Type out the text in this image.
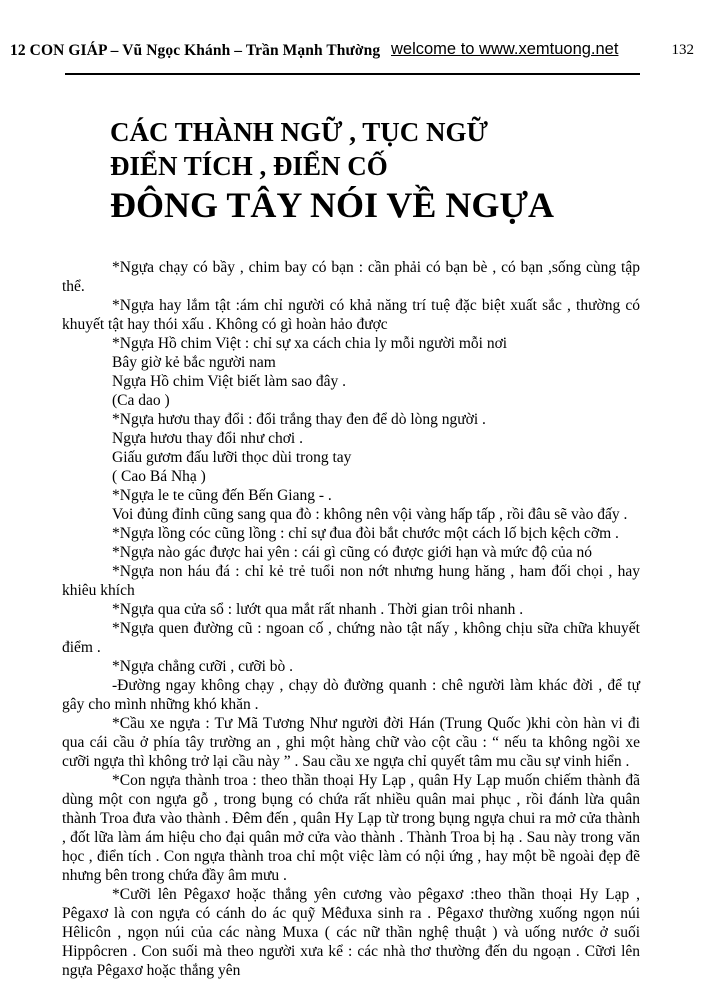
12 CON GIÁP – Vũ Ngọc Khánh – Trần Mạnh Thường welcome to www.xemtuong.net	132
CÁC THÀNH NGỮ , TỤC NGỮ
ĐIỂN TÍCH , ĐIỂN CỐ
ĐÔNG TÂY NÓI VỀ NGỰA

*Ngựa chạy có bầy , chim bay có bạn : cần phải có bạn bè , có bạn ,sống cùng tập thể.

*Ngựa hay lắm tật :ám chỉ người có khả năng trí tuệ đặc biệt xuất sắc , thường có khuyết tật hay thói xấu . Không có gì hoàn hảo được

*Ngựa Hồ chim Việt : chỉ sự xa cách chia ly mỗi người mỗi nơi

Bây giờ kẻ bắc người nam

Ngựa Hồ chim Việt biết làm sao đây .

(Ca dao )

*Ngựa hươu thay đổi : đổi trắng thay đen để dò lòng người .

Ngựa hươu thay đổi như chơi .

Giấu gươm đấu lưỡi thọc dùi trong tay

( Cao Bá Nhạ )

*Ngựa le te cũng đến Bến Giang - .

Voi đủng đỉnh cũng sang qua đò : không nên vội vàng hấp tấp , rồi đâu sẽ vào đấy .

*Ngựa lồng cóc cũng lồng : chỉ sự đua đòi bắt chước một cách lố bịch kệch cỡm .

*Ngựa nào gác được hai yên : cái gì cũng có được giới hạn và mức độ của nó

*Ngựa non háu đá : chỉ kẻ trẻ tuổi non nớt nhưng hung hăng , ham đối chọi , hay khiêu khích

*Ngựa qua cửa sổ : lướt qua mắt rất nhanh . Thời gian trôi nhanh .

*Ngựa quen đường cũ : ngoan cố , chứng nào tật nấy , không chịu sữa chữa khuyết điểm .

*Ngựa chẳng cưỡi , cưỡi bò .

-Đường ngay không chạy , chạy dò đường quanh : chê người làm khác đời , để tự gây cho mình những khó khăn .

*Cầu xe ngựa : Tư Mã Tương Như người đời Hán (Trung Quốc )khi còn hàn vi đi qua cái cầu ở phía tây trường an , ghi một hàng chữ vào cột cầu : “ nếu ta không ngồi xe cưỡi ngựa thì không trở lại cầu này ” . Sau cầu xe ngựa chỉ quyết tâm mu cầu sự vinh hiển .

*Con ngựa thành troa : theo thần thoại Hy Lạp , quân Hy Lạp muốn chiếm thành đã dùng một con ngựa gỗ , trong bụng có chứa rất nhiều quân mai phục , rồi đánh lừa quân thành Troa đưa vào thành . Đêm đến , quân Hy Lạp từ trong bụng ngựa chui ra mở cửa thành , đốt lữa làm ám hiệu cho đại quân mở cửa vào thành . Thành Troa bị hạ . Sau này trong văn học , điển tích . Con ngựa thành troa chỉ một việc làm có nội ứng , hay một bề ngoài đẹp đẽ nhưng bên trong chứa đầy âm mưu .

*Cưỡi lên Pêgaxơ hoặc thắng yên cương vào pêgaxơ :theo thần thoại Hy Lạp , Pêgaxơ là con ngựa có cánh do ác quỹ Mêđuxa sinh ra . Pêgaxơ thường xuống ngọn núi Hêlicôn , ngọn núi của các nàng Muxa ( các nữ thần nghệ thuật ) và uống nước ở suối Hippôcren . Con suối mà theo người xưa kể : các nhà thơ thường đến du ngoạn . Cữơi lên ngựa Pêgaxơ hoặc thắng yên
